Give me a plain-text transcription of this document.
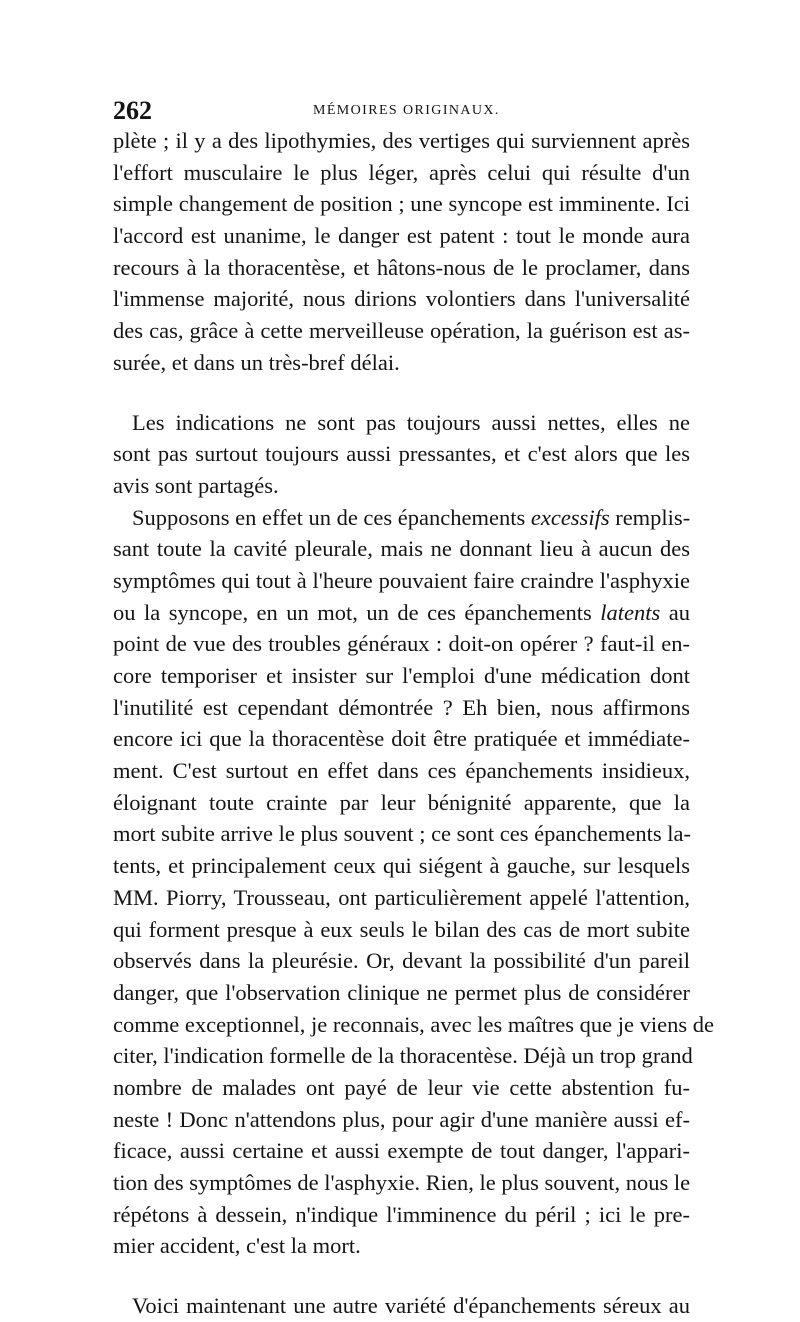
262	MÉMOIRES ORIGINAUX.
plète ; il y a des lipothymies, des vertiges qui surviennent après
l'effort musculaire le plus léger, après celui qui résulte d'un
simple changement de position ; une syncope est imminente. Ici
l'accord est unanime, le danger est patent : tout le monde aura
recours à la thoracentèse, et hâtons-nous de le proclamer, dans
l'immense majorité, nous dirions volontiers dans l'universalité
des cas, grâce à cette merveilleuse opération, la guérison est as-
surée, et dans un très-bref délai.
Les indications ne sont pas toujours aussi nettes, elles ne
sont pas surtout toujours aussi pressantes, et c'est alors que les
avis sont partagés.
Supposons en effet un de ces épanchements excessifs remplis-
sant toute la cavité pleurale, mais ne donnant lieu à aucun des
symptômes qui tout à l'heure pouvaient faire craindre l'asphyxie
ou la syncope, en un mot, un de ces épanchements latents au
point de vue des troubles généraux : doit-on opérer ? faut-il en-
core temporiser et insister sur l'emploi d'une médication dont
l'inutilité est cependant démontrée ? Eh bien, nous affirmons
encore ici que la thoracentèse doit être pratiquée et immédiate-
ment. C'est surtout en effet dans ces épanchements insidieux,
éloignant toute crainte par leur bénignité apparente, que la
mort subite arrive le plus souvent ; ce sont ces épanchements la-
tents, et principalement ceux qui siégent à gauche, sur lesquels
MM. Piorry, Trousseau, ont particulièrement appelé l'attention,
qui forment presque à eux seuls le bilan des cas de mort subite
observés dans la pleurésie. Or, devant la possibilité d'un pareil
danger, que l'observation clinique ne permet plus de considérer
comme exceptionnel, je reconnais, avec les maîtres que je viens de
citer, l'indication formelle de la thoracentèse. Déjà un trop grand
nombre de malades ont payé de leur vie cette abstention fu-
neste ! Donc n'attendons plus, pour agir d'une manière aussi ef-
ficace, aussi certaine et aussi exempte de tout danger, l'appari-
tion des symptômes de l'asphyxie. Rien, le plus souvent, nous le
répétons à dessein, n'indique l'imminence du péril ; ici le pre-
mier accident, c'est la mort.
Voici maintenant une autre variété d'épanchements séreux au
